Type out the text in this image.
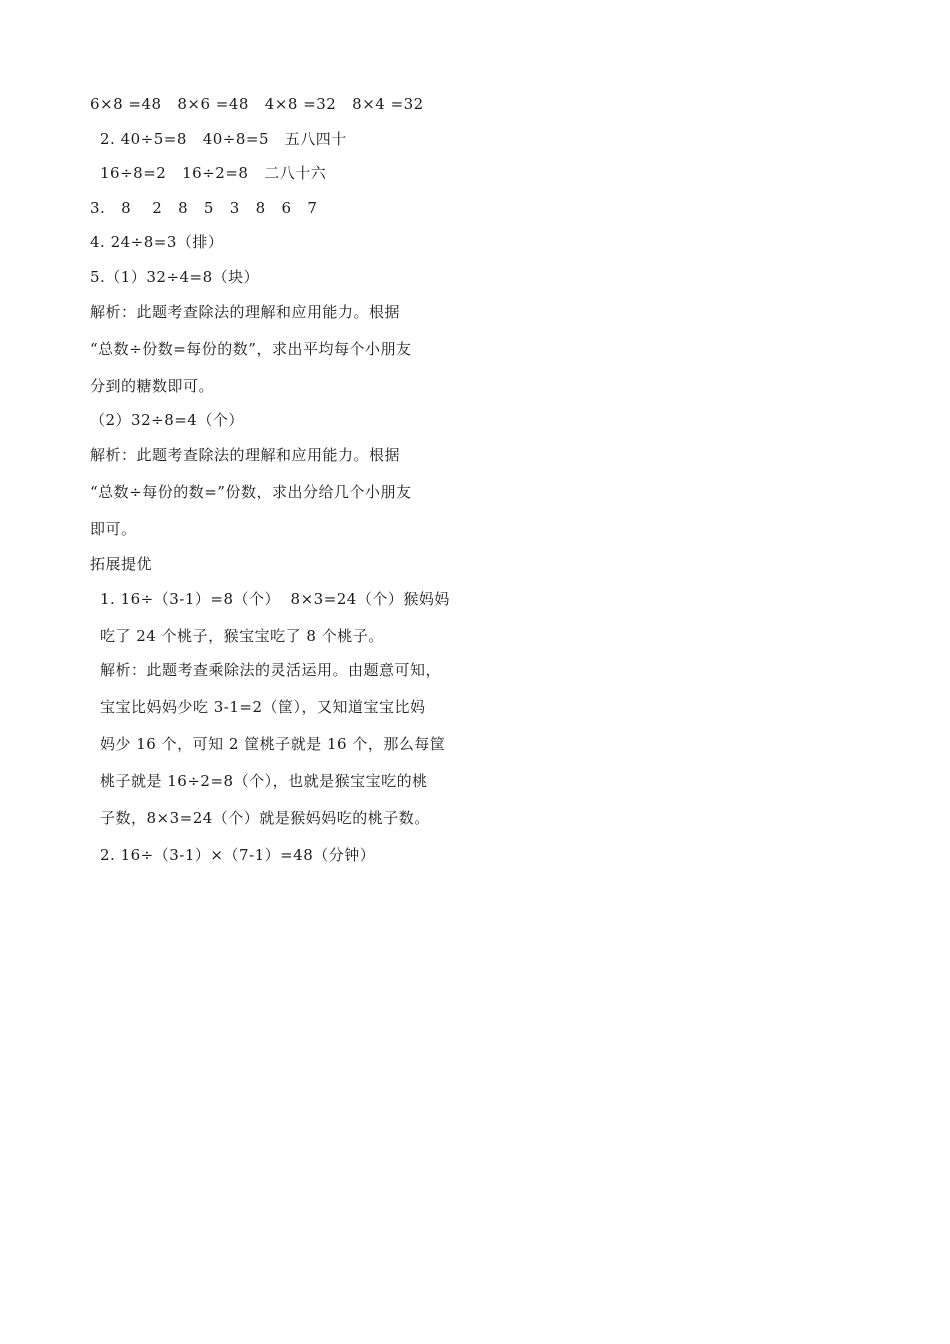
6×8 =48   8×6 =48   4×8 =32   8×4 =32
2. 40÷5=8   40÷8=5   五八四十
16÷8=2   16÷2=8   二八十六
3.   8    2   8   5   3   8   6   7
4. 24÷8=3（排）
5.（1）32÷4=8（块）
解析：此题考查除法的理解和应用能力。根据
“总数÷份数=每份的数”，求出平均每个小朋友
分到的糖数即可。
（2）32÷8=4（个）
解析：此题考查除法的理解和应用能力。根据
“总数÷每份的数=”份数，求出分给几个小朋友
即可。
拓展提优
1. 16÷（3-1）=8（个）  8×3=24（个）猴妈妈
吃了 24 个桃子，猴宝宝吃了 8 个桃子。
解析：此题考查乘除法的灵活运用。由题意可知，
宝宝比妈妈少吃 3-1=2（筐），又知道宝宝比妈
妈少 16 个，可知 2 筐桃子就是 16 个，那么每筐
桃子就是 16÷2=8（个），也就是猴宝宝吃的桃
子数，8×3=24（个）就是猴妈妈吃的桃子数。
2. 16÷（3-1）×（7-1）=48（分钟）
